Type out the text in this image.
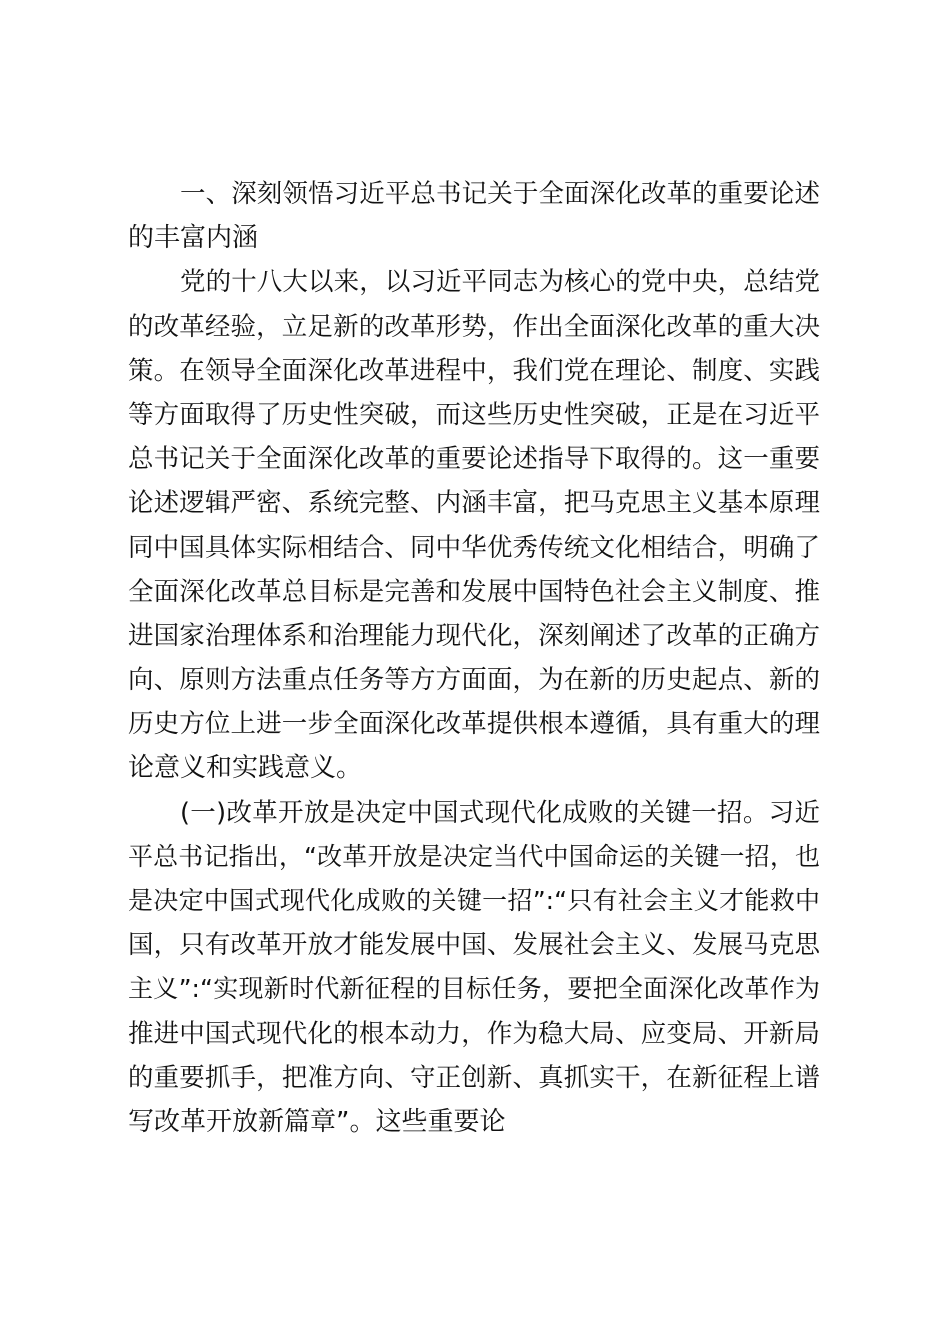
一、深刻领悟习近平总书记关于全面深化改革的重要论述
的丰富内涵
党的十八大以来，以习近平同志为核心的党中央，总结党
的改革经验，立足新的改革形势，作出全面深化改革的重大决
策。在领导全面深化改革进程中，我们党在理论、制度、实践
等方面取得了历史性突破，而这些历史性突破，正是在习近平
总书记关于全面深化改革的重要论述指导下取得的。这一重要
论述逻辑严密、系统完整、内涵丰富，把马克思主义基本原理
同中国具体实际相结合、同中华优秀传统文化相结合，明确了
全面深化改革总目标是完善和发展中国特色社会主义制度、推
进国家治理体系和治理能力现代化，深刻阐述了改革的正确方
向、原则方法重点任务等方方面面，为在新的历史起点、新的
历史方位上进一步全面深化改革提供根本遵循，具有重大的理
论意义和实践意义。
(一)改革开放是决定中国式现代化成败的关键一招。习近
平总书记指出，“改革开放是决定当代中国命运的关键一招，也
是决定中国式现代化成败的关键一招”:“只有社会主义才能救中
国，只有改革开放才能发展中国、发展社会主义、发展马克思
主义”:“实现新时代新征程的目标任务，要把全面深化改革作为
推进中国式现代化的根本动力，作为稳大局、应变局、开新局
的重要抓手，把准方向、守正创新、真抓实干，在新征程上谱
写改革开放新篇章”。这些重要论
